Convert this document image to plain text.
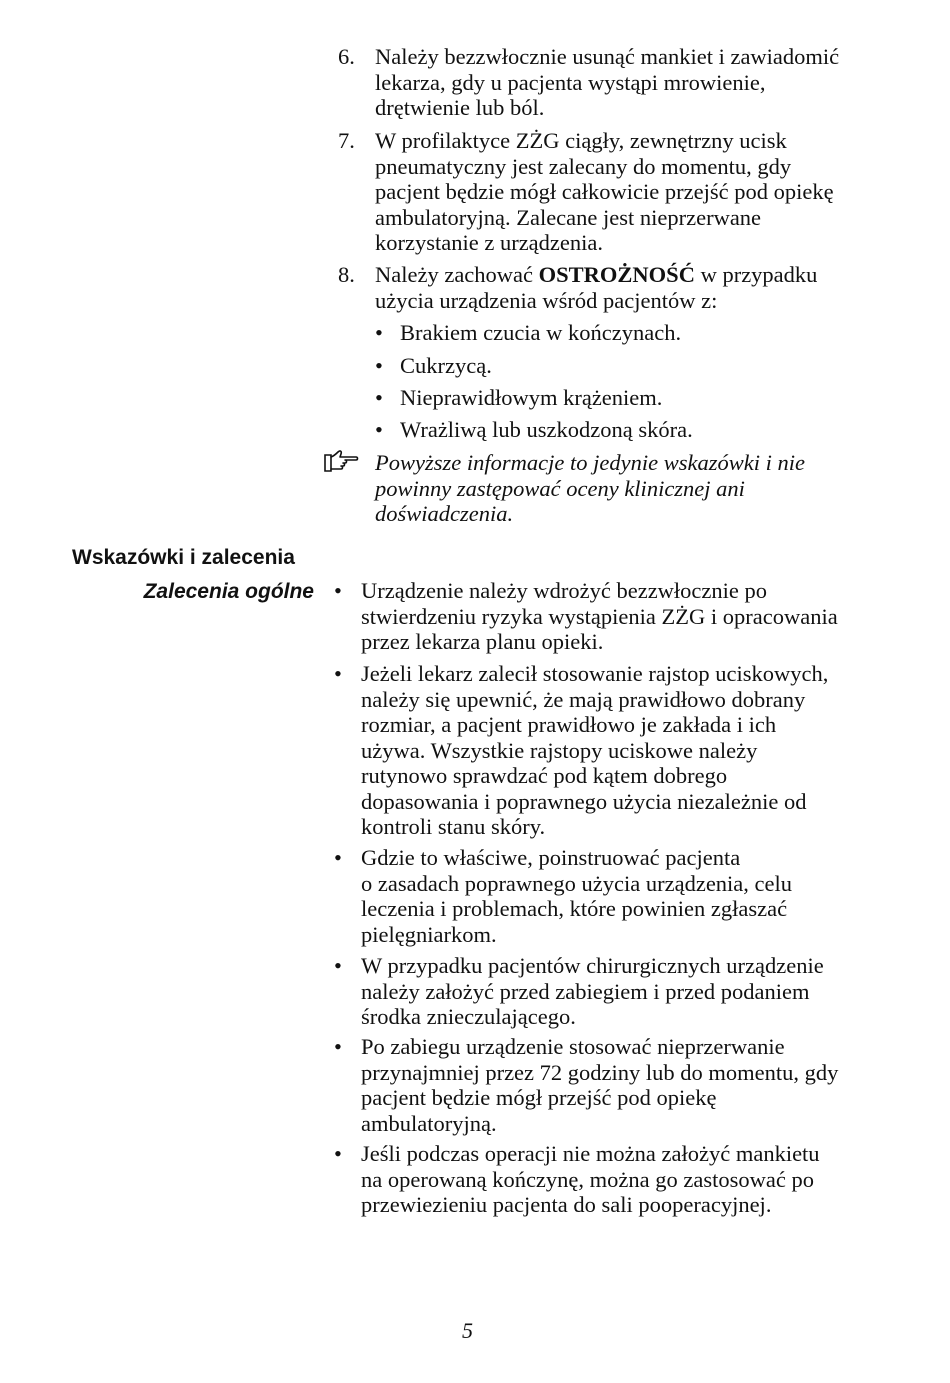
6. Należy bezzwłocznie usunąć mankiet i zawiadomić
lekarza, gdy u pacjenta wystąpi mrowienie,
drętwienie lub ból.
7. W profilaktyce ZŻG ciągły, zewnętrzny ucisk
pneumatyczny jest zalecany do momentu, gdy
pacjent będzie mógł całkowicie przejść pod opiekę
ambulatoryjną. Zalecane jest nieprzerwane
korzystanie z urządzenia.
8. Należy zachować OSTROŻNOŚĆ w przypadku
użycia urządzenia wśród pacjentów z:
• Brakiem czucia w kończynach.
• Cukrzycą.
• Nieprawidłowym krążeniem.
• Wrażliwą lub uszkodzoną skóra.
Powyższe informacje to jedynie wskazówki i nie
powinny zastępować oceny klinicznej ani
doświadczenia.
Wskazówki i zalecenia
Zalecenia ogólne • Urządzenie należy wdrożyć bezzwłocznie po
stwierdzeniu ryzyka wystąpienia ZŻG i opracowania
przez lekarza planu opieki.
• Jeżeli lekarz zalecił stosowanie rajstop uciskowych,
należy się upewnić, że mają prawidłowo dobrany
rozmiar, a pacjent prawidłowo je zakłada i ich
używa. Wszystkie rajstopy uciskowe należy
rutynowo sprawdzać pod kątem dobrego
dopasowania i poprawnego użycia niezależnie od
kontroli stanu skóry.
• Gdzie to właściwe, poinstruować pacjenta
o zasadach poprawnego użycia urządzenia, celu
leczenia i problemach, które powinien zgłaszać
pielęgniarkom.
• W przypadku pacjentów chirurgicznych urządzenie
należy założyć przed zabiegiem i przed podaniem
środka znieczulającego.
• Po zabiegu urządzenie stosować nieprzerwanie
przynajmniej przez 72 godziny lub do momentu, gdy
pacjent będzie mógł przejść pod opiekę
ambulatoryjną.
• Jeśli podczas operacji nie można założyć mankietu
na operowaną kończynę, można go zastosować po
przewiezieniu pacjenta do sali pooperacyjnej.
5
